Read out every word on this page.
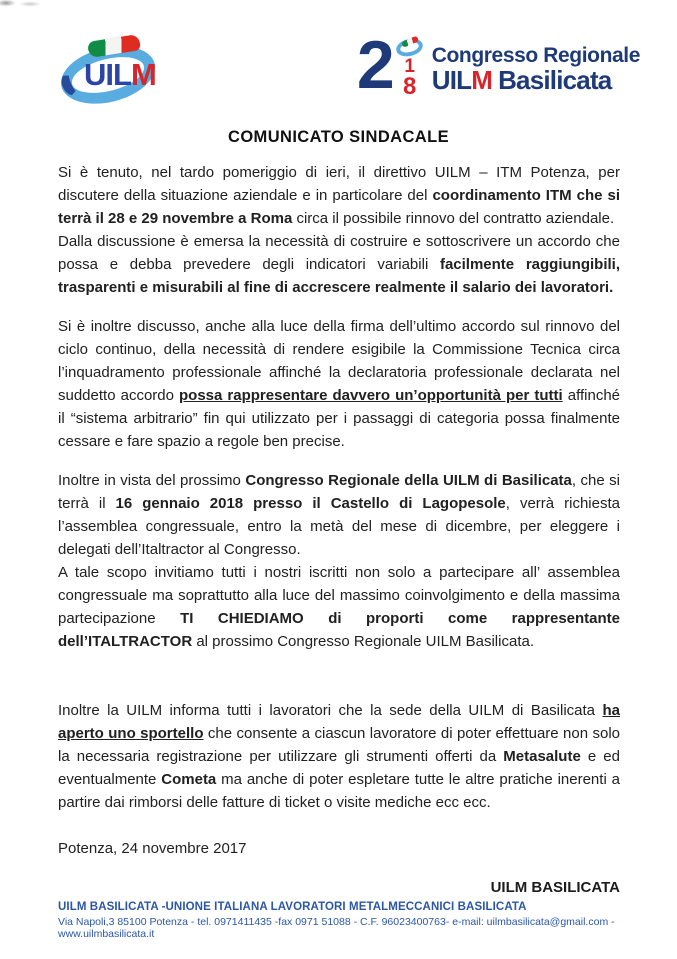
UILM	2 1
8
Congresso Regionale
UILM Basilicata
COMUNICATO SINDACALE

Si è tenuto, nel tardo pomeriggio di ieri, il direttivo UILM – ITM Potenza, per discutere della situazione aziendale e in particolare del coordinamento ITM che si terrà il 28 e 29 novembre a Roma circa il possibile rinnovo del contratto aziendale.
Dalla discussione è emersa la necessità di costruire e sottoscrivere un accordo che possa e debba prevedere degli indicatori variabili facilmente raggiungibili, trasparenti e misurabili al fine di accrescere realmente il salario dei lavoratori.

Si è inoltre discusso, anche alla luce della firma dell’ultimo accordo sul rinnovo del ciclo continuo, della necessità di rendere esigibile la Commissione Tecnica circa l’inquadramento professionale affinché la declaratoria professionale declarata nel suddetto accordo possa rappresentare davvero un’opportunità per tutti affinché il “sistema arbitrario” fin qui utilizzato per i passaggi di categoria possa finalmente cessare e fare spazio a regole ben precise.

Inoltre in vista del prossimo Congresso Regionale della UILM di Basilicata, che si terrà il 16 gennaio 2018 presso il Castello di Lagopesole, verrà richiesta l’assemblea congressuale, entro la metà del mese di dicembre, per eleggere i delegati dell’Italtractor al Congresso.
A tale scopo invitiamo tutti i nostri iscritti non solo a partecipare all’ assemblea congressuale ma soprattutto alla luce del massimo coinvolgimento e della massima partecipazione TI CHIEDIAMO di proporti come rappresentante dell’ITALTRACTOR al prossimo Congresso Regionale UILM Basilicata.

Inoltre la UILM informa tutti i lavoratori che la sede della UILM di Basilicata ha aperto uno sportello che consente a ciascun lavoratore di poter effettuare non solo la necessaria registrazione per utilizzare gli strumenti offerti da Metasalute e ed eventualmente Cometa ma anche di poter espletare tutte le altre pratiche inerenti a partire dai rimborsi delle fatture di ticket o visite mediche ecc ecc.

Potenza, 24 novembre 2017
UILM BASILICATA
UILM BASILICATA -UNIONE ITALIANA LAVORATORI METALMECCANICI BASILICATA
Via Napoli,3 85100 Potenza - tel. 0971411435 -fax 0971 51088 - C.F. 96023400763- e-mail: uilmbasilicata@gmail.com -
www.uilmbasilicata.it
